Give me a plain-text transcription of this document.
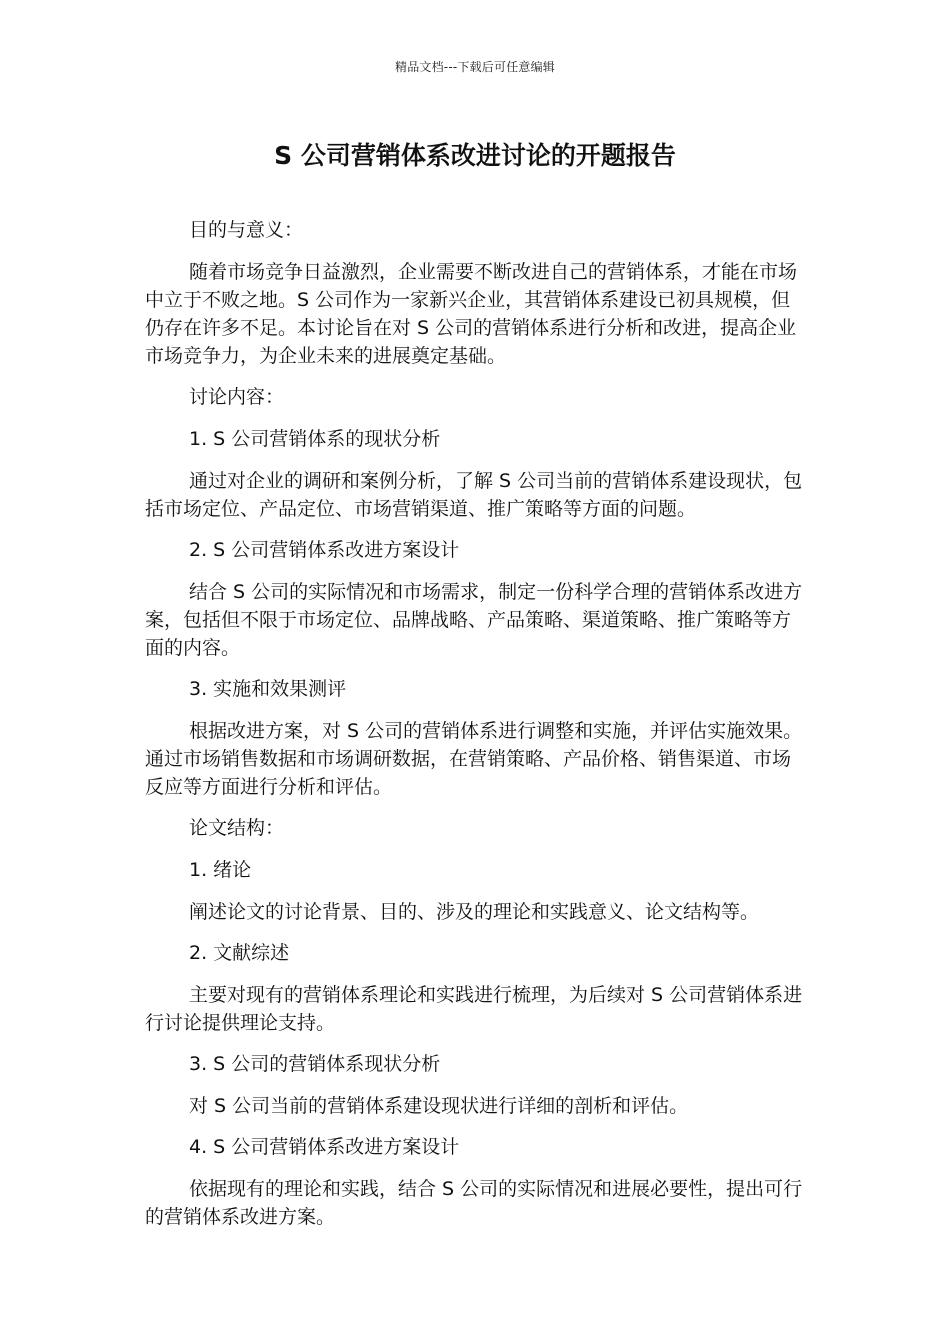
精品文档---下载后可任意编辑
S 公司营销体系改进讨论的开题报告

目的与意义：

随着市场竞争日益激烈，企业需要不断改进自己的营销体系，才能在市场中立于不败之地。S 公司作为一家新兴企业，其营销体系建设已初具规模，但仍存在许多不足。本讨论旨在对 S 公司的营销体系进行分析和改进，提高企业市场竞争力，为企业未来的进展奠定基础。

讨论内容：

1. S 公司营销体系的现状分析

通过对企业的调研和案例分析，了解 S 公司当前的营销体系建设现状，包括市场定位、产品定位、市场营销渠道、推广策略等方面的问题。

2. S 公司营销体系改进方案设计

结合 S 公司的实际情况和市场需求，制定一份科学合理的营销体系改进方案，包括但不限于市场定位、品牌战略、产品策略、渠道策略、推广策略等方面的内容。

3. 实施和效果测评

根据改进方案，对 S 公司的营销体系进行调整和实施，并评估实施效果。通过市场销售数据和市场调研数据，在营销策略、产品价格、销售渠道、市场反应等方面进行分析和评估。

论文结构：

1. 绪论

阐述论文的讨论背景、目的、涉及的理论和实践意义、论文结构等。

2. 文献综述

主要对现有的营销体系理论和实践进行梳理，为后续对 S 公司营销体系进行讨论提供理论支持。

3. S 公司的营销体系现状分析

对 S 公司当前的营销体系建设现状进行详细的剖析和评估。

4. S 公司营销体系改进方案设计

依据现有的理论和实践，结合 S 公司的实际情况和进展必要性，提出可行的营销体系改进方案。
